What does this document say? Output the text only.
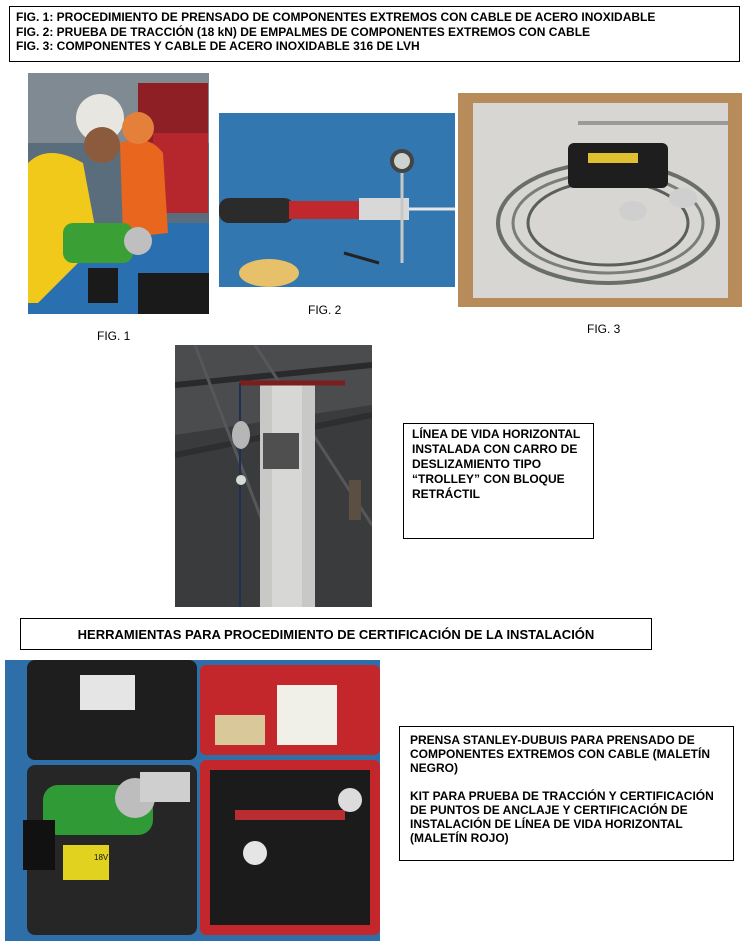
FIG. 1: PROCEDIMIENTO DE PRENSADO DE COMPONENTES EXTREMOS CON CABLE DE ACERO INOXIDABLE
FIG. 2: PRUEBA DE TRACCIÓN (18 kN) DE EMPALMES DE COMPONENTES EXTREMOS CON CABLE
FIG. 3: COMPONENTES Y CABLE DE ACERO INOXIDABLE 316 DE LVH
FIG. 1
FIG. 2
FIG. 3
LÍNEA DE VIDA HORIZONTAL INSTALADA CON CARRO DE DESLIZAMIENTO TIPO “TROLLEY” CON BLOQUE RETRÁCTIL
HERRAMIENTAS PARA PROCEDIMIENTO DE CERTIFICACIÓN DE LA INSTALACIÓN
18V

PRENSA STANLEY-DUBUIS PARA PRENSADO DE COMPONENTES EXTREMOS CON CABLE (MALETÍN NEGRO)

KIT PARA PRUEBA DE TRACCIÓN Y CERTIFICACIÓN DE PUNTOS DE ANCLAJE Y CERTIFICACIÓN DE INSTALACIÓN DE LÍNEA DE VIDA HORIZONTAL (MALETÍN ROJO)
